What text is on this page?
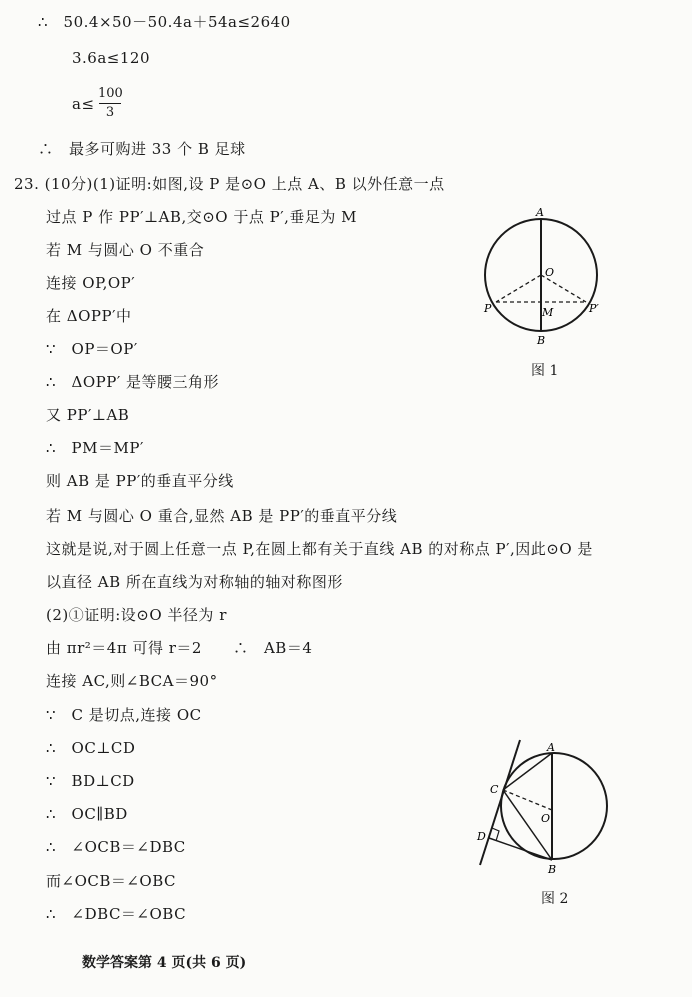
∴　50.4×50－50.4a＋54a≤2640
3.6a≤120
a≤
100
3
∴　最多可购进 33 个 B 足球
23. (10分)(1)证明:如图,设 P 是⊙O 上点 A、B 以外任意一点
过点 P 作 PP′⊥AB,交⊙O 于点 P′,垂足为 M
若 M 与圆心 O 不重合
连接 OP,OP′
在 ΔOPP′中
∵　OP＝OP′
∴　ΔOPP′ 是等腰三角形
又 PP′⊥AB
∴　PM＝MP′
则 AB 是 PP′的垂直平分线
若 M 与圆心 O 重合,显然 AB 是 PP′的垂直平分线
这就是说,对于圆上任意一点 P,在圆上都有关于直线 AB 的对称点 P′,因此⊙O 是
以直径 AB 所在直线为对称轴的轴对称图形
(2)①证明:设⊙O 半径为 r
由 πr²＝4π 可得 r＝2　　∴　AB＝4
连接 AC,则∠BCA＝90°
∵　C 是切点,连接 OC
∴　OC⊥CD
∵　BD⊥CD
∴　OC∥BD
∴　∠OCB＝∠DBC
而∠OCB＝∠OBC
∴　∠DBC＝∠OBC
A
O
P	M	P′
B
图 1
A
C
O
D
B
图 2
数学答案第 4 页(共 6 页)
